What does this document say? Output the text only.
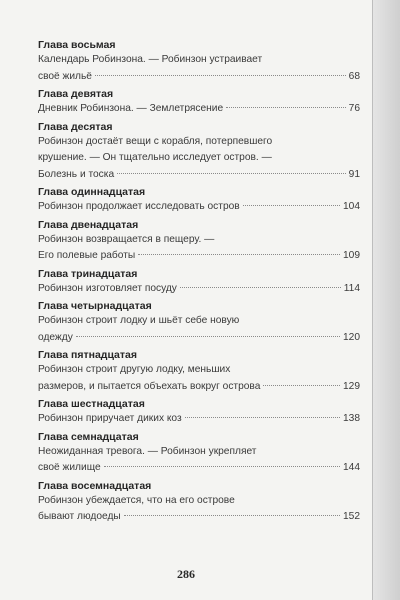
Глава восьмая
Календарь Робинзона. — Робинзон устраивает
своё жильё	68
Глава девятая
Дневник Робинзона. — Землетрясение	76
Глава десятая
Робинзон достаёт вещи с корабля, потерпевшего
крушение. — Он тщательно исследует остров. —
Болезнь и тоска	91
Глава одиннадцатая
Робинзон продолжает исследовать остров	104
Глава двенадцатая
Робинзон возвращается в пещеру. —
Его полевые работы	109
Глава тринадцатая
Робинзон изготовляет посуду	114
Глава четырнадцатая
Робинзон строит лодку и шьёт себе новую
одежду	120
Глава пятнадцатая
Робинзон строит другую лодку, меньших
размеров, и пытается объехать вокруг острова	129
Глава шестнадцатая
Робинзон приручает диких коз	138
Глава семнадцатая
Неожиданная тревога. — Робинзон укрепляет
своё жилище	144
Глава восемнадцатая
Робинзон убеждается, что на его острове
бывают людоеды	152
286
